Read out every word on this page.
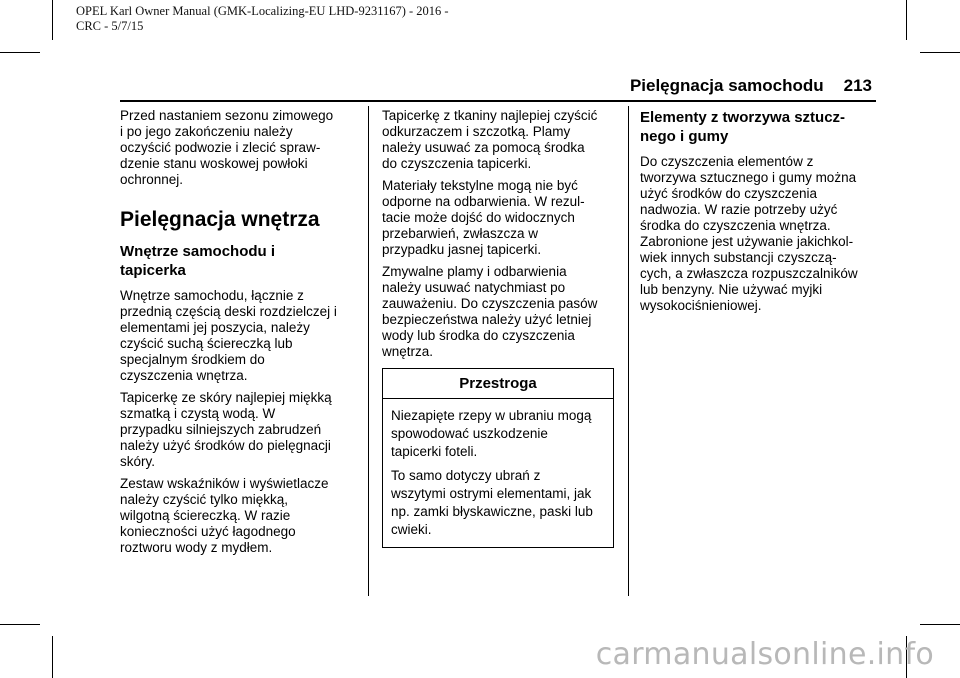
OPEL Karl Owner Manual (GMK-Localizing-EU LHD-9231167) - 2016 -
CRC - 5/7/15
Pielęgnacja samochodu 213

Przed nastaniem sezonu zimowego
i po jego zakończeniu należy
oczyścić podwozie i zlecić spraw-
dzenie stanu woskowej powłoki
ochronnej.

Pielęgnacja wnętrza
Wnętrze samochodu i
tapicerka

Wnętrze samochodu, łącznie z
przednią częścią deski rozdzielczej i
elementami jej poszycia, należy
czyścić suchą ściereczką lub
specjalnym środkiem do
czyszczenia wnętrza.

Tapicerkę ze skóry najlepiej miękką
szmatką i czystą wodą. W
przypadku silniejszych zabrudzeń
należy użyć środków do pielęgnacji
skóry.

Zestaw wskaźników i wyświetlacze
należy czyścić tylko miękką,
wilgotną ściereczką. W razie
konieczności użyć łagodnego
roztworu wody z mydłem.

Tapicerkę z tkaniny najlepiej czyścić
odkurzaczem i szczotką. Plamy
należy usuwać za pomocą środka
do czyszczenia tapicerki.

Materiały tekstylne mogą nie być
odporne na odbarwienia. W rezul-
tacie może dojść do widocznych
przebarwień, zwłaszcza w
przypadku jasnej tapicerki.

Zmywalne plamy i odbarwienia
należy usuwać natychmiast po
zauważeniu. Do czyszczenia pasów
bezpieczeństwa należy użyć letniej
wody lub środka do czyszczenia
wnętrza.

Przestroga

Niezapięte rzepy w ubraniu mogą
spowodować uszkodzenie
tapicerki foteli.

To samo dotyczy ubrań z
wszytymi ostrymi elementami, jak
np. zamki błyskawiczne, paski lub
cwieki.

Elementy z tworzywa sztucz-
nego i gumy

Do czyszczenia elementów z
tworzywa sztucznego i gumy można
użyć środków do czyszczenia
nadwozia. W razie potrzeby użyć
środka do czyszczenia wnętrza.
Zabronione jest używanie jakichkol-
wiek innych substancji czyszczą-
cych, a zwłaszcza rozpuszczalników
lub benzyny. Nie używać myjki
wysokociśnieniowej.

carmanualsonline.info
